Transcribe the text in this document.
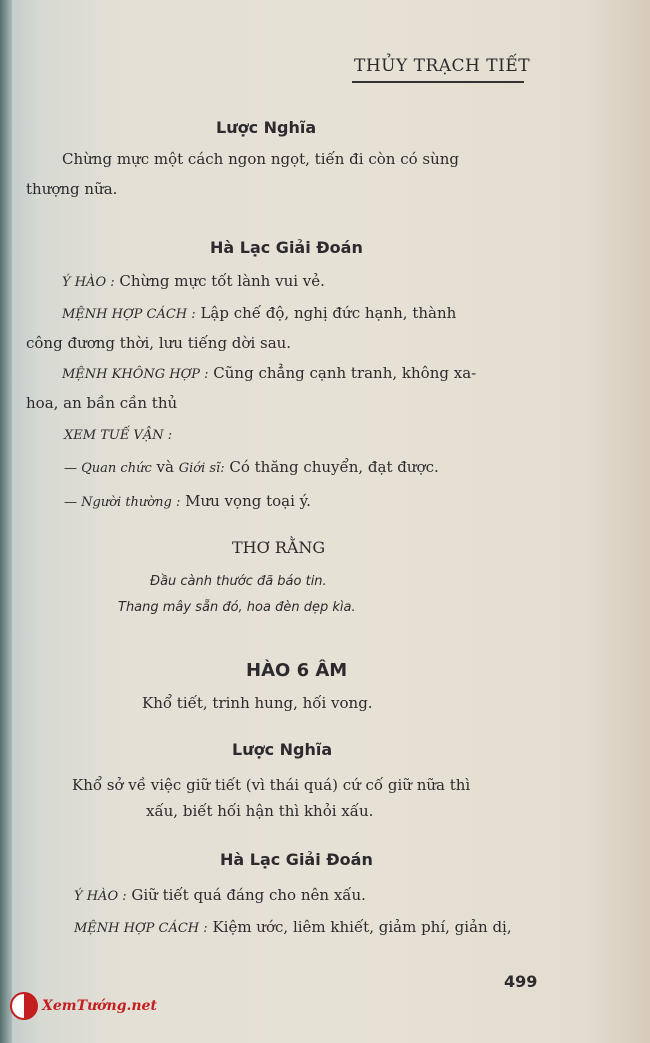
THỦY TRẠCH TIẾT
Lược Nghĩa
Chừng mực một cách ngon ngọt, tiến đi còn có sùng
thượng nữa.
Hà Lạc Giải Đoán
Ý HÀO : Chừng mực tốt lành vui vẻ.
MỆNH HỢP CÁCH : Lập chế độ, nghị đức hạnh, thành
công đương thời, lưu tiếng dời sau.
MỆNH KHÔNG HỢP : Cũng chẳng cạnh tranh, không xa-
hoa, an bần cần thủ
XEM TUẾ VẬN :
— Quan chức và Giới sĩ: Có thăng chuyển, đạt được.
— Người thường : Mưu vọng toại ý.
THƠ RẰNG
Đầu cành thước đã báo tin.
Thang mây sẵn đó, hoa đèn dẹp kìa.
HÀO 6 ÂM
Khổ tiết, trinh hung, hối vong.
Lược Nghĩa
Khổ sở về việc giữ tiết (vì thái quá) cứ cố giữ nữa thì
xấu, biết hối hận thì khỏi xấu.
Hà Lạc Giải Đoán
Ý HÀO : Giữ tiết quá đáng cho nên xấu.
MỆNH HỢP CÁCH : Kiệm ước, liêm khiết, giảm phí, giản dị,
499
XemTướng.net
